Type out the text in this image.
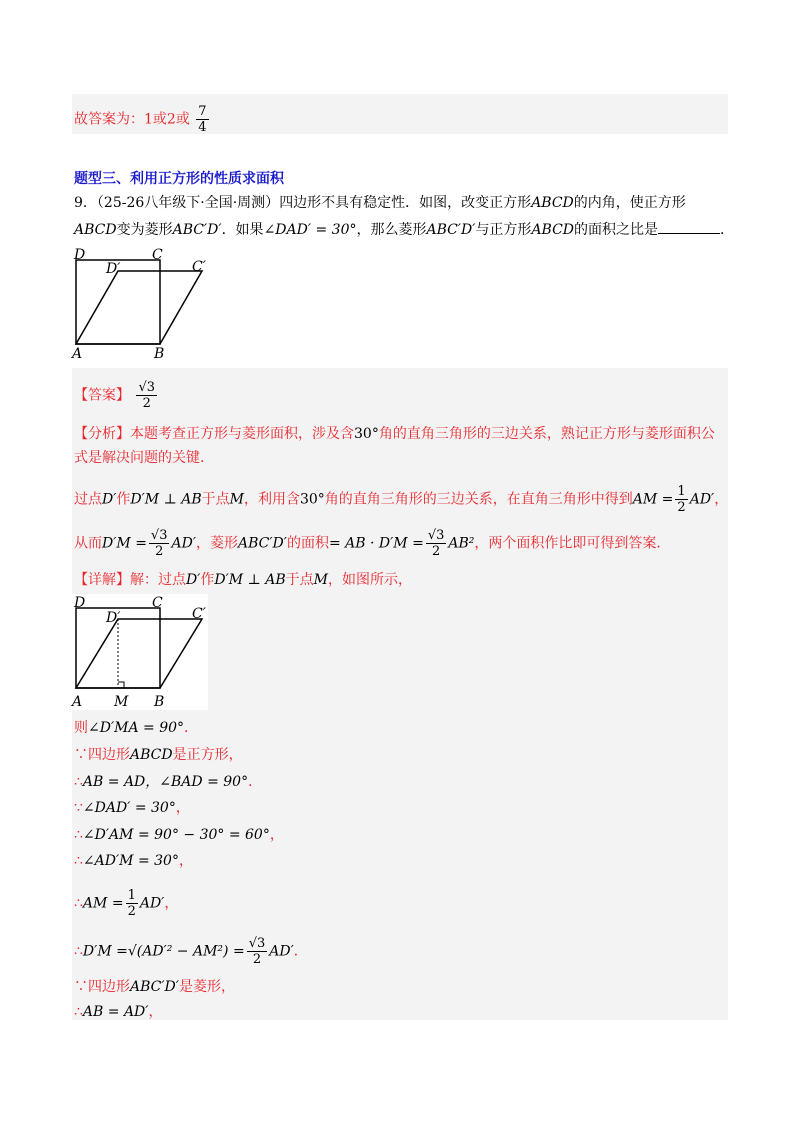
故答案为：1或2或 $\frac{7}{4}$
题型三、利用正方形的性质求面积
9．（25-26八年级下·全国·周测）四边形不具有稳定性．如图，改变正方形ABCD的内角，使正方形
ABCD变为菱形ABC′D′．如果∠DAD′ = 30°，那么菱形ABC′D′与正方形ABCD的面积之比是	．
D	C
D′	C′
A	B
【答案】 $\frac{√3}{2}$
【分析】本题考查正方形与菱形面积，涉及含30°角的直角三角形的三边关系，熟记正方形与菱形面积公
式是解决问题的关键．
过点D′作D′M ⊥ AB于点M，利用含30°角的直角三角形的三边关系，在直角三角形中得到AM = $\frac{1}{2} AD'$，
从而$D'M = \frac{√3}{2} AD'$，菱形ABC′D′的面积= AB · $D'M = \frac{√3}{2} AB^2$，两个面积作比即可得到答案．
【详解】解：过点D′作D′M ⊥ AB于点M，如图所示，
D	C
D′	C′
A M B
则∠D′MA = 90°．
∵四边形ABCD是正方形，
∴AB = AD，∠BAD = 90°．
∵∠DAD′ = 30°，
∴∠D′AM = 90° − 30° = 60°，
∴∠AD′M = 30°，
∴AM = $\frac{1}{2} AD'$，
∴D′M $=√(AD'^2 - AM^2) = \frac{√3}{2} AD'$．
∵四边形ABC′D′是菱形，
∴AB = AD′，
